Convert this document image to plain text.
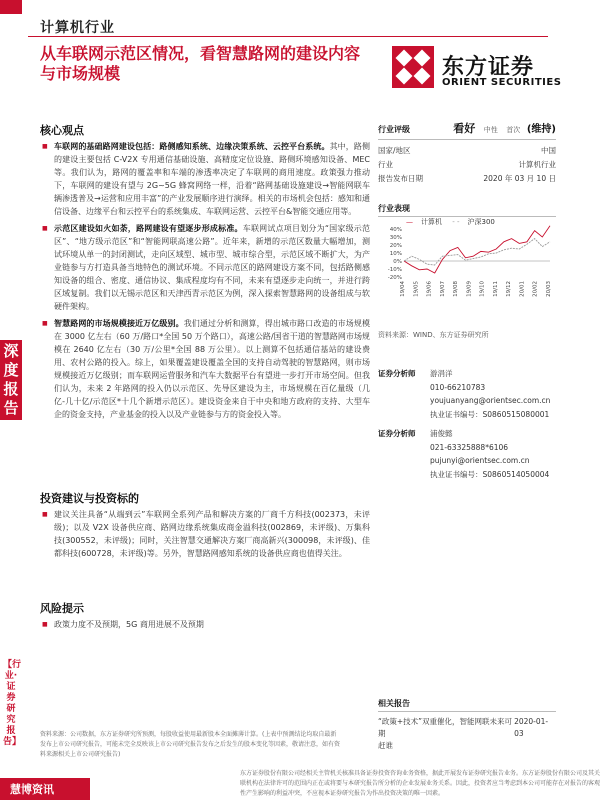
深度报告
【行业·证券研究报告】
计算机行业
从车联网示范区情况，看智慧路网的建设内容与市场规模	东方证券
ORIENT SECURITIES
核心观点
■ 车联网的基础路网建设包括：路侧感知系统、边缘决策系统、云控平台系统。其中，路侧的建设主要包括 C-V2X 专用通信基础设施、高精度定位设施、路侧环境感知设备、MEC 等。我们认为，路网的覆盖率和车端的渗透率决定了车联网的商用速度。政策强力推动下，车联网的建设有望与 2G~5G 蜂窝网络一样，沿着“路网基础设施建设→智能网联车辆渗透普及→运营和应用丰富”的产业发展顺序进行演绎。相关的市场机会包括：感知和通信设备、边缘平台和云控平台的系统集成、车联网运营、云控平台&智能交通应用等。
■ 示范区建设如火如荼，路网建设有望逐步形成标准。车联网试点项目划分为“国家级示范区”、“地方级示范区”和“智能网联高速公路”。近年来，新增的示范区数量大幅增加，测试环境从单一的封闭测试，走向区域型、城市型、城市综合型，示范区域不断扩大，为产业链参与方打造具备当地特色的测试环境。不同示范区的路网建设方案不同，包括路侧感知设备的组合、密度、通信协议、集成程度均有不同，未来有望逐步走向统一，并进行跨区域复制。我们以无锡示范区和天津西青示范区为例，深入探索智慧路网的设备组成与软硬件架构。
■ 智慧路网的市场规模接近万亿级别。我们通过分析和测算，得出城市路口改造的市场规模在 3000 亿左右（60 万/路口*全国 50 万个路口），高速公路/国省干道的智慧路网市场规模在 2640 亿左右（30 万/公里*全国 88 万公里）。以上测算不包括通信基站的建设费用、农村公路的投入。综上，如果覆盖建设覆盖全国的支持自动驾驶的智慧路网，则市场规模接近万亿级别；而车联网运营服务和汽车大数据平台有望进一步打开市场空间。但我们认为，未来 2 年路网的投入仍以示范区、先导区建设为主，市场规模在百亿量级（几亿-几十亿/示范区*十几个新增示范区）。建设资金来自于中央和地方政府的支持、大型车企的资金支持，产业基金的投入以及产业链参与方的资金投入等。
投资建议与投资标的
■ 建议关注具备“从端到云”车联网全系列产品和解决方案的厂商千方科技(002373，未评级)；以及 V2X 设备供应商、路网边缘系统集成商金溢科技(002869，未评级)、万集科技(300552，未评级)；同时，关注智慧交通解决方案厂商高新兴(300098，未评级)、佳都科技(600728，未评级)等。另外，智慧路网感知系统的设备供应商也值得关注。
风险提示
■ 政策力度不及预期，5G 商用进展不及预期
行业评级	看好 中性 首次 (维持)
国家/地区	中国
行业	计算机行业
报告发布日期	2020 年 03 月 10 日
行业表现
— 计算机 - - 沪深300
-20%
-10%
0%
10%
20%
30%
40%
19/04 19/05 19/06 19/07 19/08 19/09 19/10 19/11 19/12 20/01 20/02 20/03
资料来源：WIND、东方证券研究所
证券分析师	游涓洋
010-66210783
youjuanyang@orientsec.com.cn
执业证书编号：S0860515080001
证券分析师	浦俊懿
021-63325888*6106
pujunyi@orientsec.com.cn
执业证书编号：S0860514050004
相关报告
“政策+技术”双重催化，智能网联未来可期
2020-01-03
赶谁
资料来源：公司数据，东方证券研究所预测，每股收益使用最新股本全面摊薄计算。(上表中预测结论均取自最新发布上市公司研究报告，可能未完全反映该上市公司研究报告发布之后发生的股本变化等因素，敬请注意，如有资料来源相关上市公司研究报告)
东方证券股份有限公司经相关主管机关核准具备证券投资咨询业务资格，据此开展发布证券研究报告业务。东方证券股份有限公司及其关联机构在法律许可的范围内正在或将要与本研究报告所分析的企业发展业务关系。因此，投资者应当考虑到本公司可能存在对报告的客观性产生影响的利益冲突，不应视本证券研究报告为作出投资决策的唯一因素。
慧博资讯
